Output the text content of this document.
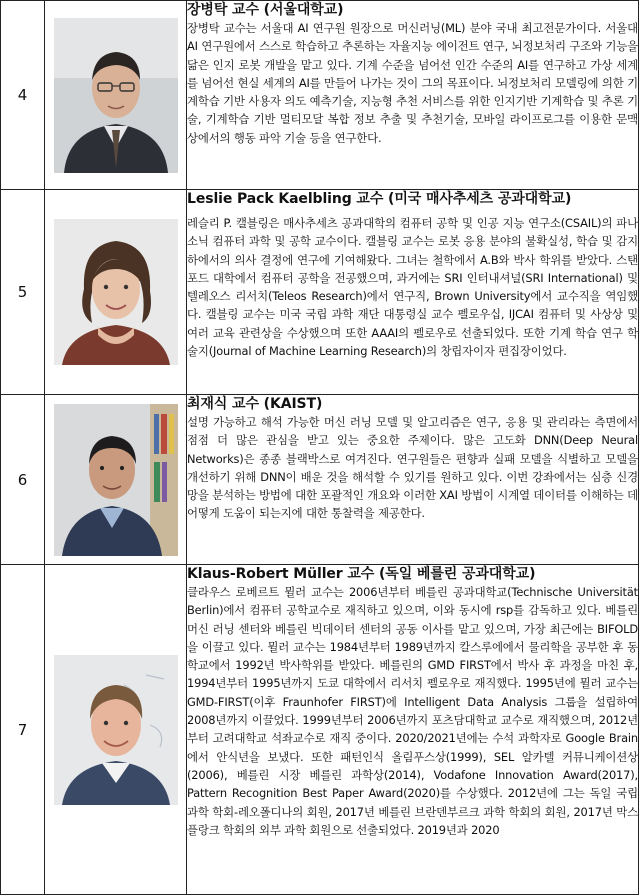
4		장병탁 교수 (서울대학교)
장병탁 교수는 서울대 AI 연구원 원장으로 머신러닝(ML) 분야 국내 최고전문가이다. 서울대 AI 연구원에서 스스로 학습하고 추론하는 자율지능 에이전트 연구, 뇌정보처리 구조와 기능을 닮은 인지 로봇 개발을 맡고 있다. 기계 수준을 넘어선 인간 수준의 AI를 연구하고 가상 세계를 넘어선 현실 세계의 AI를 만들어 나가는 것이 그의 목표이다. 뇌정보처리 모델링에 의한 기계학습 기반 사용자 의도 예측기술, 지능형 추천 서비스를 위한 인지기반 기계학습 및 추론 기술, 기계학습 기반 멀티모달 복합 정보 추출 및 추천기술, 모바일 라이프로그를 이용한 문맥 상에서의 행동 파악 기술 등을 연구한다.

5		Leslie Pack Kaelbling 교수 (미국 매사추세츠 공과대학교)
레슬리 P. 캘블링은 매사추세츠 공과대학의 컴퓨터 공학 및 인공 지능 연구소(CSAIL)의 파나소닉 컴퓨터 과학 및 공학 교수이다. 캘블링 교수는 로봇 응용 분야의 불확실성, 학습 및 감지 하에서의 의사 결정에 연구에 기여해왔다. 그녀는 철학에서 A.B와 박사 학위를 받았다. 스탠포드 대학에서 컴퓨터 공학을 전공했으며, 과거에는 SRI 인터내셔널(SRI International) 및 텔레오스 리서치(Teleos Research)에서 연구직, Brown University에서 교수직을 역임했다. 캘블링 교수는 미국 국립 과학 재단 대통령실 교수 펠로우십, IJCAI 컴퓨터 및 사상상 및 여러 교육 관련상을 수상했으며 또한 AAAI의 펠로우로 선출되었다. 또한 기계 학습 연구 학술지(Journal of Machine Learning Research)의 창립자이자 편집장이었다.

6		최재식 교수 (KAIST)
설명 가능하고 해석 가능한 머신 러닝 모델 및 알고리즘은 연구, 응용 및 관리라는 측면에서 점점 더 많은 관심을 받고 있는 중요한 주제이다. 많은 고도화 DNN(Deep Neural Networks)은 종종 블랙박스로 여겨진다. 연구원들은 편향과 실패 모델을 식별하고 모델을 개선하기 위해 DNN이 배운 것을 해석할 수 있기를 원하고 있다. 이번 강좌에서는 심층 신경망을 분석하는 방법에 대한 포괄적인 개요와 이러한 XAI 방법이 시계열 데이터를 이해하는 데 어떻게 도움이 되는지에 대한 통찰력을 제공한다.

7		Klaus-Robert Müller 교수 (독일 베를린 공과대학교)
클라우스 로베르트 뮐러 교수는 2006년부터 베를린 공과대학교(Technische Universität Berlin)에서 컴퓨터 공학교수로 재직하고 있으며, 이와 동시에 rsp를 감독하고 있다. 베를린 머신 러닝 센터와 베를린 빅데이터 센터의 공동 이사를 맡고 있으며, 가장 최근에는 BIFOLD을 이끌고 있다. 뮐러 교수는 1984년부터 1989년까지 칼스루에에서 물리학을 공부한 후 동 학교에서 1992년 박사학위를 받았다. 베를린의 GMD FIRST에서 박사 후 과정을 마친 후, 1994년부터 1995년까지 도쿄 대학에서 리서치 펠로우로 재직했다. 1995년에 뮐러 교수는 GMD-FIRST(이후 Fraunhofer FIRST)에 Intelligent Data Analysis 그룹을 설립하여 2008년까지 이끌었다. 1999년부터 2006년까지 포츠담대학교 교수로 재직했으며, 2012년부터 고려대학교 석좌교수로 재직 중이다. 2020/2021년에는 수석 과학자로 Google Brain에서 안식년을 보냈다. 또한 패턴인식 올림푸스상(1999), SEL 알카텔 커뮤니케이션상(2006), 베를린 시장 베를린 과학상(2014), Vodafone Innovation Award(2017), Pattern Recognition Best Paper Award(2020)를 수상했다. 2012년에 그는 독일 국립 과학 학회-레오폴디나의 회원, 2017년 베를린 브란덴부르크 과학 학회의 회원, 2017년 막스 플랑크 학회의 외부 과학 회원으로 선출되었다. 2019년과 2020
